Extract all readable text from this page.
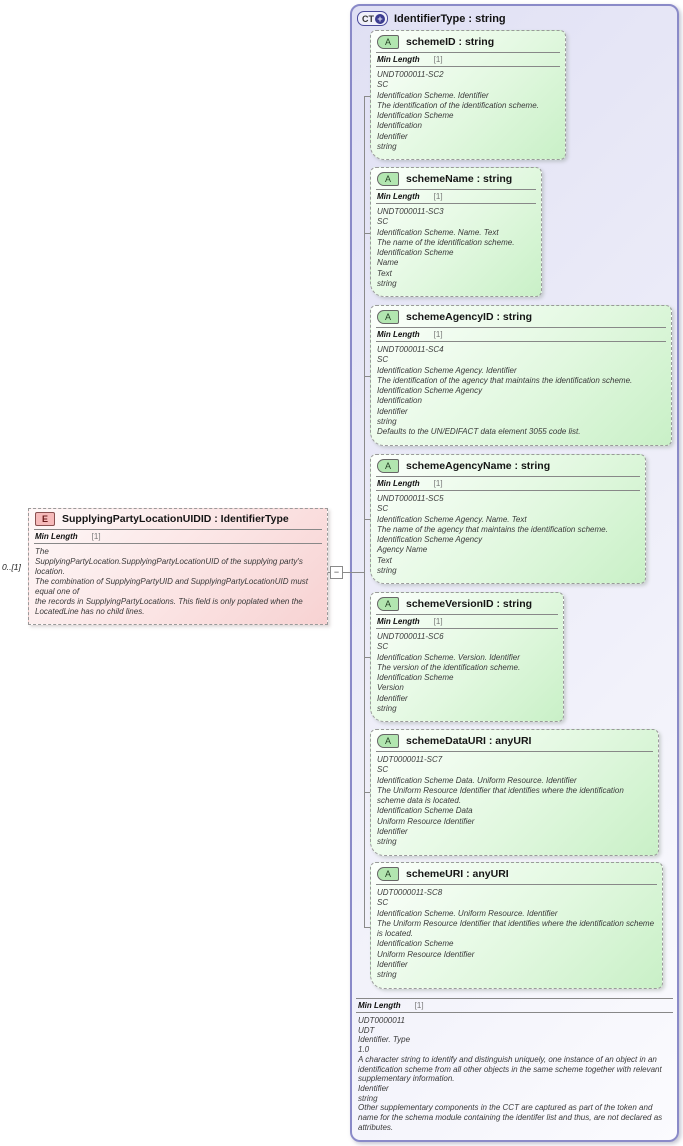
0..[1]
E	SupplyingPartyLocationUIDID : IdentifierType
Min Length [1]
The
SupplyingPartyLocation.SupplyingPartyLocationUID of the supplying party's location.
The combination of SupplyingPartyUID and SupplyingPartyLocationUID must equal one of
the records in SupplyingPartyLocations. This field is only poplated when the
LocatedLine has no child lines.
−
CT + IdentifierType : string
A	schemeID : string
Min Length [1]
UNDT000011-SC2
SC
Identification Scheme. Identifier
The identification of the identification scheme.
Identification Scheme
Identification
Identifier
string
A	schemeName : string
Min Length [1]
UNDT000011-SC3
SC
Identification Scheme. Name. Text
The name of the identification scheme.
Identification Scheme
Name
Text
string
A	schemeAgencyID : string
Min Length [1]
UNDT000011-SC4
SC
Identification Scheme Agency. Identifier
The identification of the agency that maintains the identification scheme.
Identification Scheme Agency
Identification
Identifier
string
Defaults to the UN/EDIFACT data element 3055 code list.
A	schemeAgencyName : string
Min Length [1]
UNDT000011-SC5
SC
Identification Scheme Agency. Name. Text
The name of the agency that maintains the identification scheme.
Identification Scheme Agency
Agency Name
Text
string
A	schemeVersionID : string
Min Length [1]
UNDT000011-SC6
SC
Identification Scheme. Version. Identifier
The version of the identification scheme.
Identification Scheme
Version
Identifier
string
A	schemeDataURI : anyURI
UDT0000011-SC7
SC
Identification Scheme Data. Uniform Resource. Identifier
The Uniform Resource Identifier that identifies where the identification scheme data is located.
Identification Scheme Data
Uniform Resource Identifier
Identifier
string
A	schemeURI : anyURI
UDT0000011-SC8
SC
Identification Scheme. Uniform Resource. Identifier
The Uniform Resource Identifier that identifies where the identification scheme is located.
Identification Scheme
Uniform Resource Identifier
Identifier
string
Min Length [1]
UDT0000011
UDT
Identifier. Type
1.0
A character string to identify and distinguish uniquely, one instance of an object in an identification scheme from all other objects in the same scheme together with relevant supplementary information.
Identifier
string
Other supplementary components in the CCT are captured as part of the token and name for the schema module containing the identifer list and thus, are not declared as attributes.
